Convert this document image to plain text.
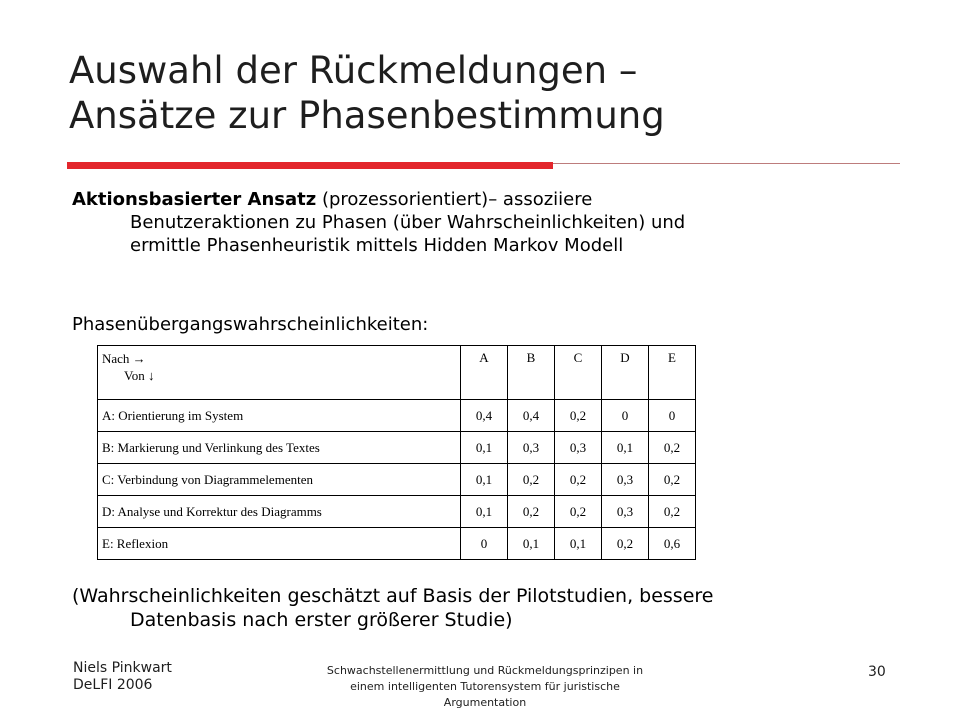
Auswahl der Rückmeldungen –
Ansätze zur Phasenbestimmung
Aktionsbasierter Ansatz (prozessorientiert)– assoziiere
Benutzeraktionen zu Phasen (über Wahrscheinlichkeiten) und
ermittle Phasenheuristik mittels Hidden Markov Modell
Phasenübergangswahrscheinlichkeiten:
Nach →
Von ↓	A	B	C	D	E
A: Orientierung im System	0,4	0,4	0,2	0	0
B: Markierung und Verlinkung des Textes	0,1	0,3	0,3	0,1	0,2
C: Verbindung von Diagrammelementen	0,1	0,2	0,2	0,3	0,2
D: Analyse und Korrektur des Diagramms	0,1	0,2	0,2	0,3	0,2
E: Reflexion	0	0,1	0,1	0,2	0,6
(Wahrscheinlichkeiten geschätzt auf Basis der Pilotstudien, bessere
Datenbasis nach erster größerer Studie)
Niels Pinkwart
DeLFI 2006
Schwachstellenermittlung und Rückmeldungsprinzipen in
einem intelligenten Tutorensystem für juristische
Argumentation
30
